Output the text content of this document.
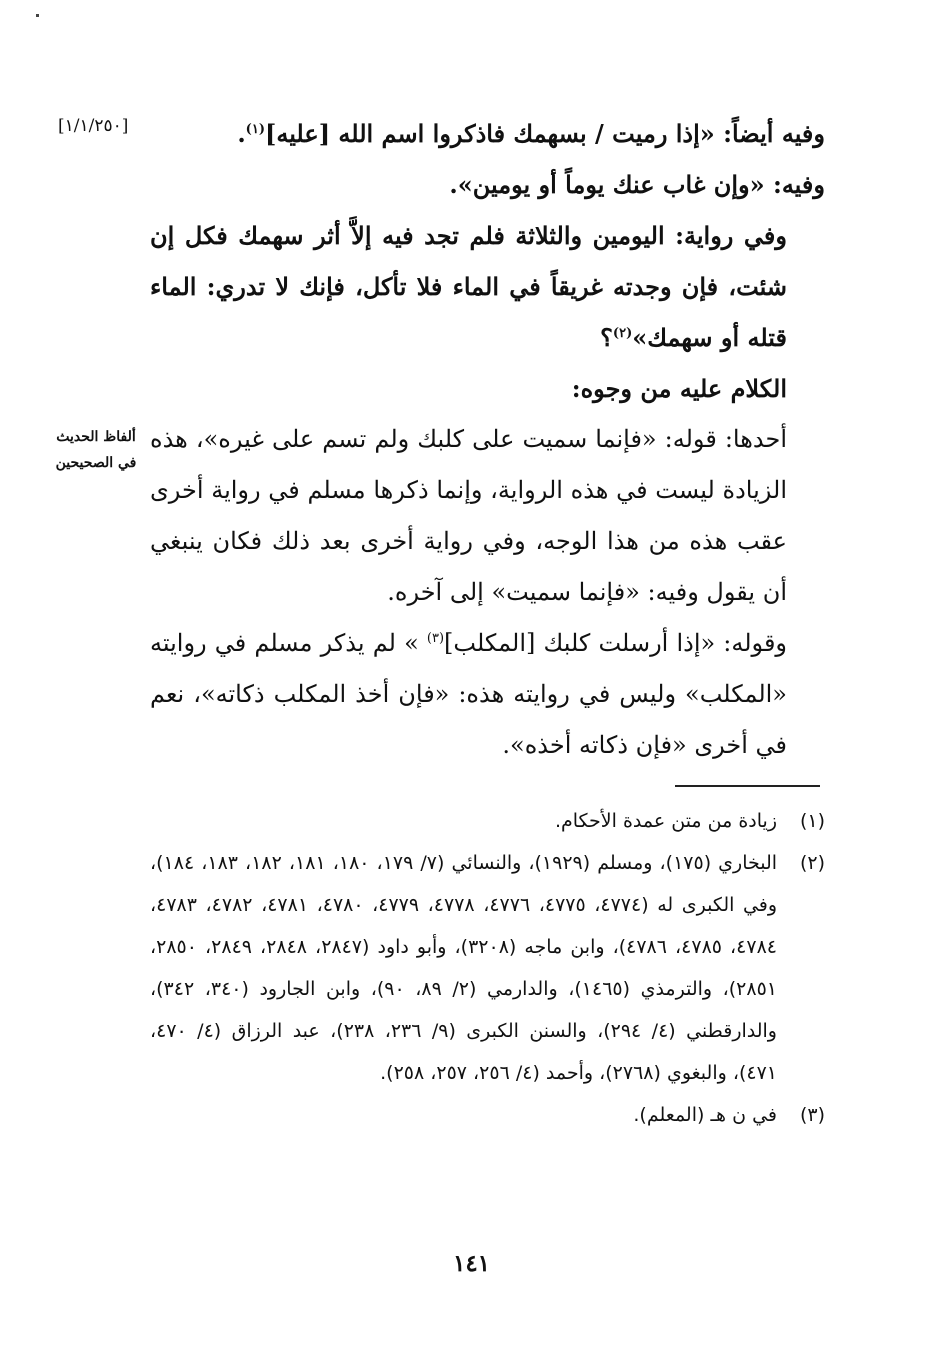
[١/١/٢٥٠]
ألفاظ الحديث
في الصحيحين

وفيه أيضاً: «إذا رميت / بسهمك فاذكروا اسم الله [عليه]$^{(١)}$.

وفيه: «وإن غاب عنك يوماً أو يومين».

وفي رواية: اليومين والثلاثة فلم تجد فيه إلاَّ أثر سهمك فكل إن شئت، فإن وجدته غريقاً في الماء فلا تأكل، فإنك لا تدري: الماء قتله أو سهمك»$^{(٢)}$؟

الكلام عليه من وجوه:

أحدها: قوله: «فإنما سميت على كلبك ولم تسم على غيره»، هذه الزيادة ليست في هذه الرواية، وإنما ذكرها مسلم في رواية أخرى عقب هذه من هذا الوجه، وفي رواية أخرى بعد ذلك فكان ينبغي أن يقول وفيه: «فإنما سميت» إلى آخره.

وقوله: «إذا أرسلت كلبك [المكلب]$^{(٣)}$ » لم يذكر مسلم في روايته «المكلب» وليس في روايته هذه: «فإن أخذ المكلب ذكاته»، نعم في أخرى «فإن ذكاته أخذه».

(١)
زيادة من متن عمدة الأحكام.

(٢)
البخاري (١٧٥)، ومسلم (١٩٢٩)، والنسائي (٧/ ١٧٩، ١٨٠، ١٨١، ١٨٢، ١٨٣، ١٨٤)، وفي الكبرى له (٤٧٧٤، ٤٧٧٥، ٤٧٧٦، ٤٧٧٨، ٤٧٧٩، ٤٧٨٠، ٤٧٨١، ٤٧٨٢، ٤٧٨٣، ٤٧٨٤، ٤٧٨٥، ٤٧٨٦)، وابن ماجه (٣٢٠٨)، وأبو داود (٢٨٤٧، ٢٨٤٨، ٢٨٤٩، ٢٨٥٠، ٢٨٥١)، والترمذي (١٤٦٥)، والدارمي (٢/ ٨٩، ٩٠)، وابن الجارود (٣٤٠، ٣٤٢)، والدارقطني (٤/ ٢٩٤)، والسنن الكبرى (٩/ ٢٣٦، ٢٣٨)، عبد الرزاق (٤/ ٤٧٠، ٤٧١)، والبغوي (٢٧٦٨)، وأحمد (٤/ ٢٥٦، ٢٥٧، ٢٥٨).

(٣)
في ن هـ (المعلم).

١٤١
